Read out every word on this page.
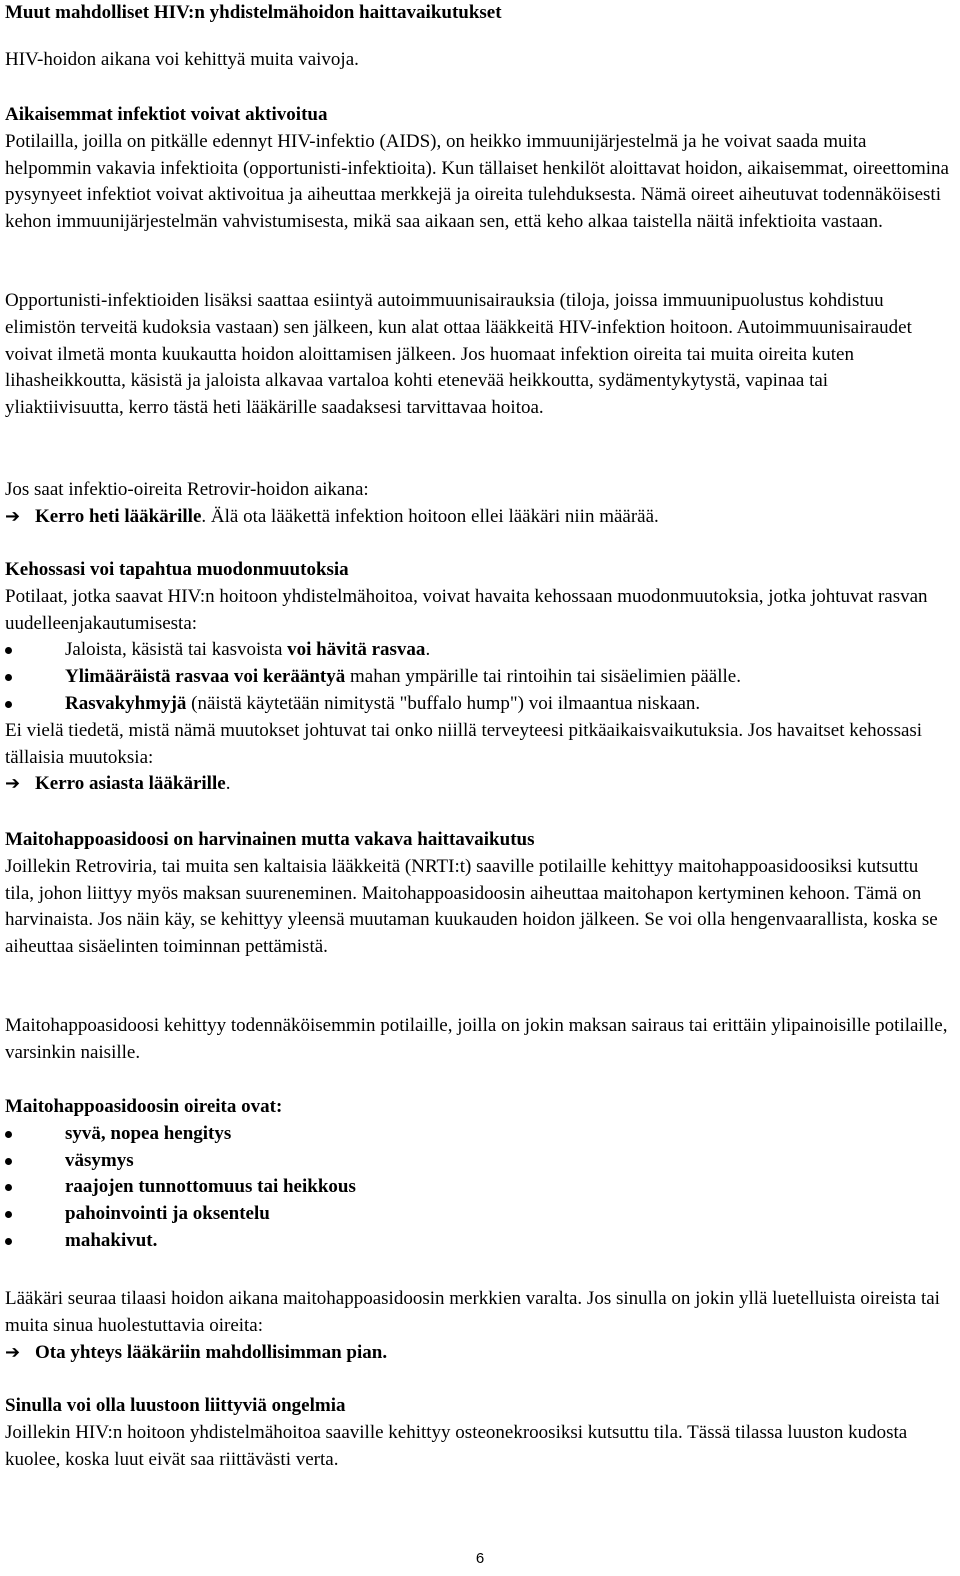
Muut mahdolliset HIV:n yhdistelmähoidon haittavaikutukset

HIV-hoidon aikana voi kehittyä muita vaivoja.

Aikaisemmat infektiot voivat aktivoitua

Potilailla, joilla on pitkälle edennyt HIV-infektio (AIDS), on heikko immuunijärjestelmä ja he voivat saada muita helpommin vakavia infektioita (opportunisti-infektioita). Kun tällaiset henkilöt aloittavat hoidon, aikaisemmat, oireettomina pysynyeet infektiot voivat aktivoitua ja aiheuttaa merkkejä ja oireita tulehduksesta. Nämä oireet aiheutuvat todennäköisesti kehon immuunijärjestelmän vahvistumisesta, mikä saa aikaan sen, että keho alkaa taistella näitä infektioita vastaan.

Opportunisti-infektioiden lisäksi saattaa esiintyä autoimmuunisairauksia (tiloja, joissa immuunipuolustus kohdistuu elimistön terveitä kudoksia vastaan) sen jälkeen, kun alat ottaa lääkkeitä HIV-infektion hoitoon. Autoimmuunisairaudet voivat ilmetä monta kuukautta hoidon aloittamisen jälkeen. Jos huomaat infektion oireita tai muita oireita kuten lihasheikkoutta, käsistä ja jaloista alkavaa vartaloa kohti etenevää heikkoutta, sydämentykytystä, vapinaa tai yliaktiivisuutta, kerro tästä heti lääkärille saadaksesi tarvittavaa hoitoa.

Jos saat infektio-oireita Retrovir-hoidon aikana:

➔ Kerro heti lääkärille. Älä ota lääkettä infektion hoitoon ellei lääkäri niin määrää.

Kehossasi voi tapahtua muodonmuutoksia

Potilaat, jotka saavat HIV:n hoitoon yhdistelmähoitoa, voivat havaita kehossaan muodonmuutoksia, jotka johtuvat rasvan uudelleenjakautumisesta:

Jaloista, käsistä tai kasvoista voi hävitä rasvaa.
Ylimääräistä rasvaa voi kerääntyä mahan ympärille tai rintoihin tai sisäelimien päälle.
Rasvakyhmyjä (näistä käytetään nimitystä "buffalo hump") voi ilmaantua niskaan.

Ei vielä tiedetä, mistä nämä muutokset johtuvat tai onko niillä terveyteesi pitkäaikaisvaikutuksia. Jos havaitset kehossasi tällaisia muutoksia:

➔ Kerro asiasta lääkärille.

Maitohappoasidoosi on harvinainen mutta vakava haittavaikutus

Joillekin Retroviria, tai muita sen kaltaisia lääkkeitä (NRTI:t) saaville potilaille kehittyy maitohappoasidoosiksi kutsuttu tila, johon liittyy myös maksan suureneminen. Maitohappoasidoosin aiheuttaa maitohapon kertyminen kehoon. Tämä on harvinaista. Jos näin käy, se kehittyy yleensä muutaman kuukauden hoidon jälkeen. Se voi olla hengenvaarallista, koska se aiheuttaa sisäelinten toiminnan pettämistä.

Maitohappoasidoosi kehittyy todennäköisemmin potilaille, joilla on jokin maksan sairaus tai erittäin ylipainoisille potilaille, varsinkin naisille.

Maitohappoasidoosin oireita ovat:

syvä, nopea hengitys
väsymys
raajojen tunnottomuus tai heikkous
pahoinvointi ja oksentelu
mahakivut.

Lääkäri seuraa tilaasi hoidon aikana maitohappoasidoosin merkkien varalta. Jos sinulla on jokin yllä luetelluista oireista tai muita sinua huolestuttavia oireita:

➔ Ota yhteys lääkäriin mahdollisimman pian.

Sinulla voi olla luustoon liittyviä ongelmia

Joillekin HIV:n hoitoon yhdistelmähoitoa saaville kehittyy osteonekroosiksi kutsuttu tila. Tässä tilassa luuston kudosta kuolee, koska luut eivät saa riittävästi verta.

6
